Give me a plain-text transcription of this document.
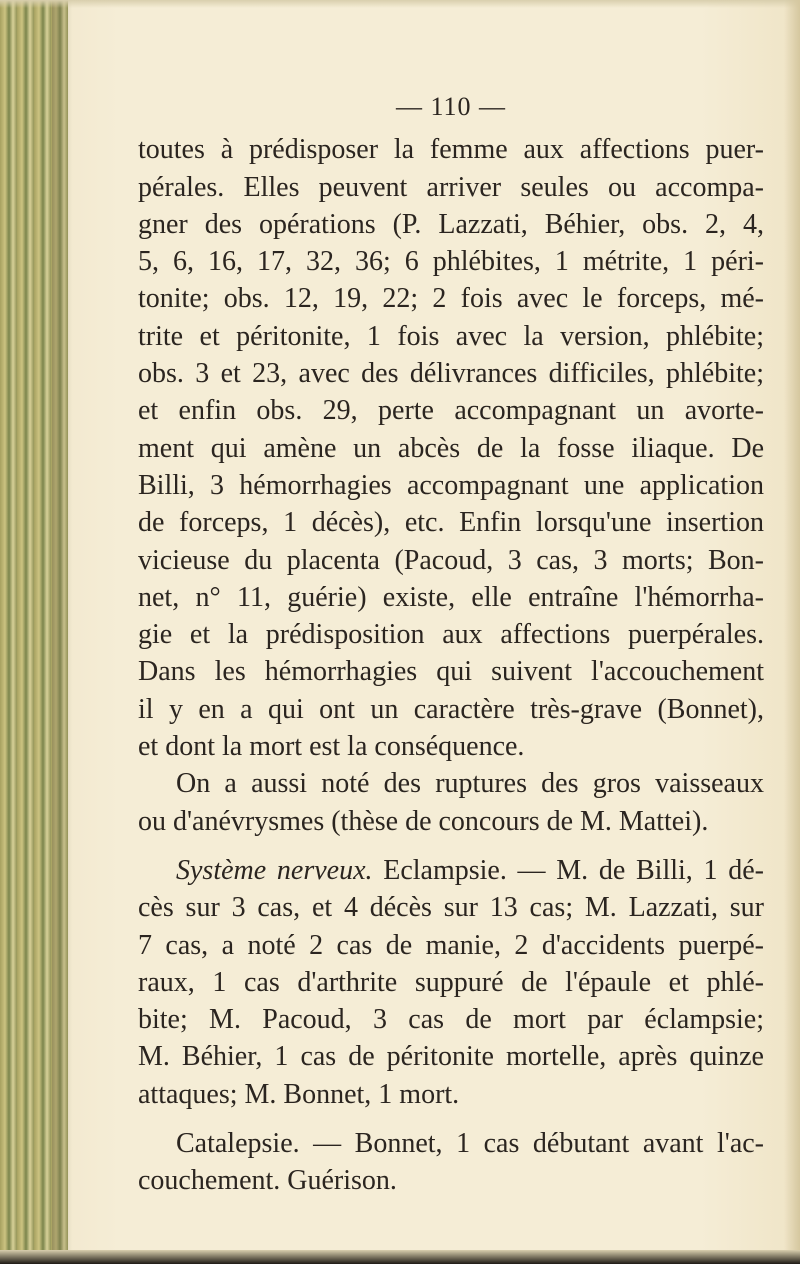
— 110 —
toutes à prédisposer la femme aux affections puer-
pérales. Elles peuvent arriver seules ou accompa-
gner des opérations (P. Lazzati, Béhier, obs. 2, 4,
5, 6, 16, 17, 32, 36; 6 phlébites, 1 métrite, 1 péri-
tonite; obs. 12, 19, 22; 2 fois avec le forceps, mé-
trite et péritonite, 1 fois avec la version, phlébite;
obs. 3 et 23, avec des délivrances difficiles, phlébite;
et enfin obs. 29, perte accompagnant un avorte-
ment qui amène un abcès de la fosse iliaque. De
Billi, 3 hémorrhagies accompagnant une application
de forceps, 1 décès), etc. Enfin lorsqu'une insertion
vicieuse du placenta (Pacoud, 3 cas, 3 morts; Bon-
net, n° 11, guérie) existe, elle entraîne l'hémorrha-
gie et la prédisposition aux affections puerpérales.
Dans les hémorrhagies qui suivent l'accouchement
il y en a qui ont un caractère très-grave (Bonnet),
et dont la mort est la conséquence.
On a aussi noté des ruptures des gros vaisseaux
ou d'anévrysmes (thèse de concours de M. Mattei).
Système nerveux. Eclampsie. — M. de Billi, 1 dé-
cès sur 3 cas, et 4 décès sur 13 cas; M. Lazzati, sur
7 cas, a noté 2 cas de manie, 2 d'accidents puerpé-
raux, 1 cas d'arthrite suppuré de l'épaule et phlé-
bite; M. Pacoud, 3 cas de mort par éclampsie;
M. Béhier, 1 cas de péritonite mortelle, après quinze
attaques; M. Bonnet, 1 mort.
Catalepsie. — Bonnet, 1 cas débutant avant l'ac-
couchement. Guérison.
